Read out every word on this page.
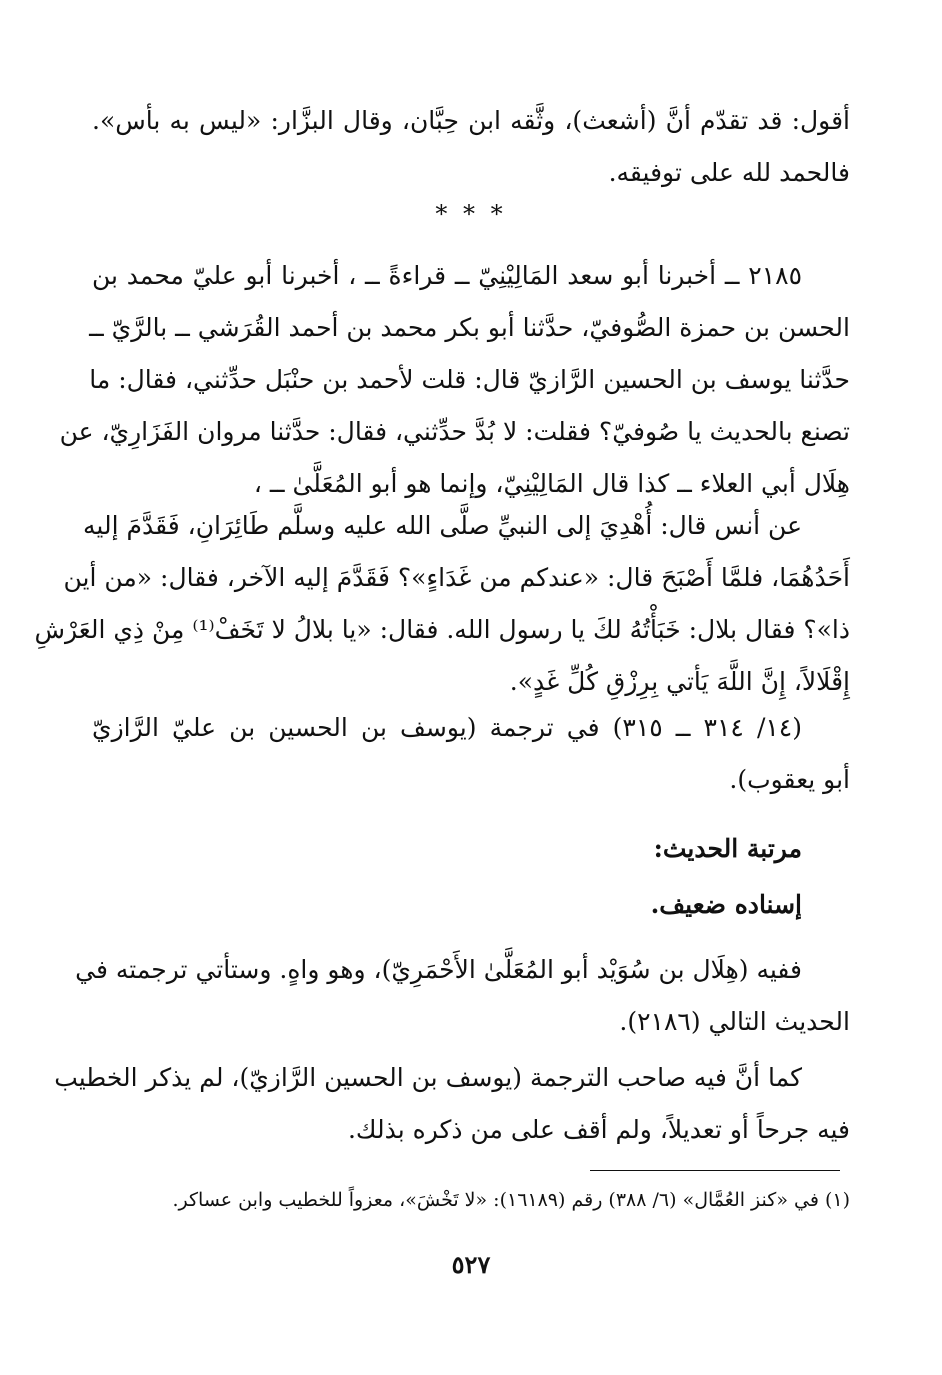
أقول: قد تقدّم أنَّ (أشعث)، وثَّقه ابن حِبَّان، وقال البزَّار: «ليس به بأس».
فالحمد لله على توفيقه.
* * *
٢١٨٥ ــ أخبرنا أبو سعد المَالِيْنِيّ ــ قراءةً ــ ، أخبرنا أبو عليّ محمد بن
الحسن بن حمزة الصُّوفيّ، حدَّثنا أبو بكر محمد بن أحمد القُرَشي ــ بالرَّيّ ــ
حدَّثنا يوسف بن الحسين الرَّازيّ قال: قلت لأحمد بن حنْبَل حدِّثني، فقال: ما
تصنع بالحديث يا صُوفيّ؟ فقلت: لا بُدَّ حدِّثني، فقال: حدَّثنا مروان الفَزَارِيّ، عن
هِلَال أبي العلاء ــ كذا قال المَالِيْنِيّ، وإنما هو أبو المُعَلَّىٰ ــ ،
عن أنس قال: أُهْدِيَ إلى النبيِّ صلَّى الله عليه وسلَّم طَائِرَانِ، فَقَدَّمَ إليه
أَحَدُهُمَا، فلمَّا أَصْبَحَ قال: «عندكم من غَدَاءٍ»؟ فَقَدَّمَ إليه الآخر، فقال: «من أين
ذا»؟ فقال بلال: خَبَأْتُهُ لكَ يا رسول الله. فقال: «يا بلالُ لا تَخَفْ⁽¹⁾ مِنْ ذِي العَرْشِ
إِقْلَالاً، إِنَّ اللَّهَ يَأتي بِرِزْقِ كُلِّ غَدٍ».
(١٤/ ٣١٤ ــ ٣١٥) في ترجمة (يوسف بن الحسين بن عليّ الرَّازيّ
أبو يعقوب).
مرتبة الحديث:
إسناده ضعيف.
ففيه (هِلَال بن سُوَيْد أبو المُعَلَّىٰ الأَحْمَرِيّ)، وهو واهٍ. وستأتي ترجمته في
الحديث التالي (٢١٨٦).
كما أنَّ فيه صاحب الترجمة (يوسف بن الحسين الرَّازيّ)، لم يذكر الخطيب
فيه جرحاً أو تعديلاً، ولم أقف على من ذكره بذلك.
(١) في «كنز العُمَّال» (٦/ ٣٨٨) رقم (١٦١٨٩): «لا تَخْشَ»، معزواً للخطيب وابن عساكر.
٥٢٧
